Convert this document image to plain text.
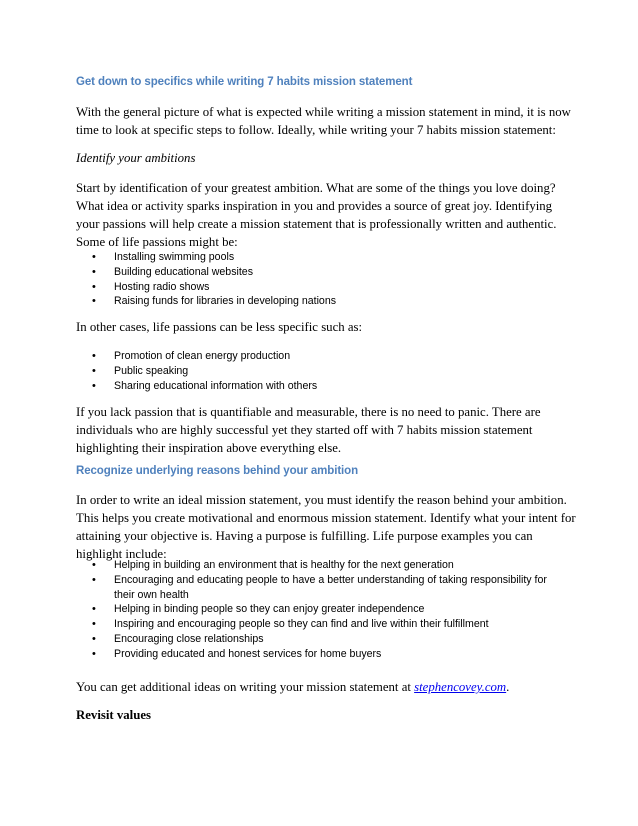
Get down to specifics while writing 7 habits mission statement
With the general picture of what is expected while writing a mission statement in mind, it is now time to look at specific steps to follow. Ideally, while writing your 7 habits mission statement:
Identify your ambitions
Start by identification of your greatest ambition. What are some of the things you love doing? What idea or activity sparks inspiration in you and provides a source of great joy. Identifying your passions will help create a mission statement that is professionally written and authentic. Some of life passions might be:
• Installing swimming pools
• Building educational websites
• Hosting radio shows
• Raising funds for libraries in developing nations
In other cases, life passions can be less specific such as:
• Promotion of clean energy production
• Public speaking
• Sharing educational information with others
If you lack passion that is quantifiable and measurable, there is no need to panic. There are individuals who are highly successful yet they started off with 7 habits mission statement highlighting their inspiration above everything else.
Recognize underlying reasons behind your ambition
In order to write an ideal mission statement, you must identify the reason behind your ambition. This helps you create motivational and enormous mission statement. Identify what your intent for attaining your objective is. Having a purpose is fulfilling. Life purpose examples you can highlight include:
• Helping in building an environment that is healthy for the next generation
• Encouraging and educating people to have a better understanding of taking responsibility for their own health
• Helping in binding people so they can enjoy greater independence
• Inspiring and encouraging people so they can find and live within their fulfillment
• Encouraging close relationships
• Providing educated and honest services for home buyers
You can get additional ideas on writing your mission statement at stephencovey.com.
Revisit values
